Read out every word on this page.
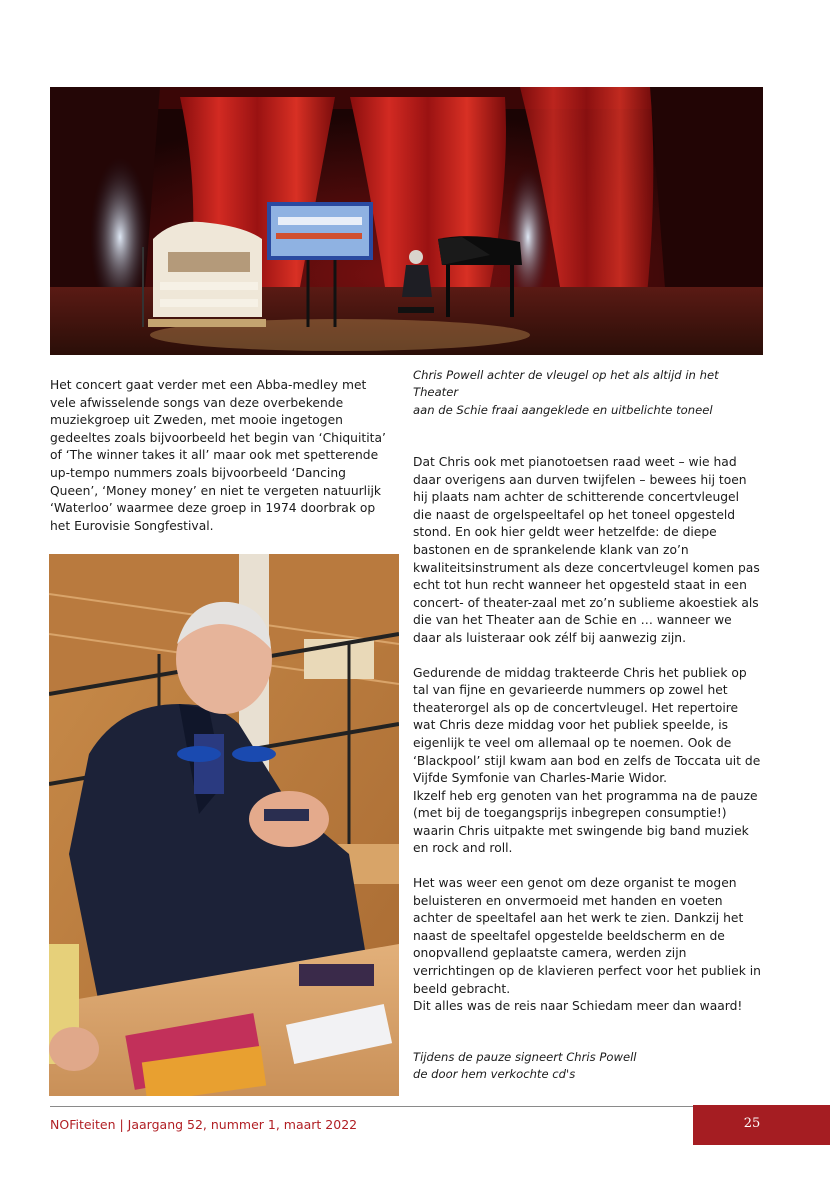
Chris Powell achter de vleugel op het als altijd in het Theater
aan de Schie fraai aangeklede en uitbelichte toneel

Het concert gaat verder met een Abba-medley met vele afwisselende songs van deze overbekende muziekgroep uit Zweden, met mooie ingetogen gedeeltes zoals bijvoorbeeld het begin van ‘Chiquitita’ of ‘The winner takes it all’ maar ook met spetterende up-tempo nummers zoals bijvoorbeeld ‘Dancing Queen’, ‘Money money’ en niet te vergeten natuurlijk ‘Waterloo’ waarmee deze groep in 1974 doorbrak op het Eurovisie Songfestival.

Dat Chris ook met pianotoetsen raad weet – wie had daar overigens aan durven twijfelen – bewees hij toen hij plaats nam achter de schitterende concertvleugel die naast de orgelspeeltafel op het toneel opgesteld stond. En ook hier geldt weer hetzelfde: de diepe bastonen en de sprankelende klank van zo’n kwaliteitsinstrument als deze concertvleugel komen pas echt tot hun recht wanneer het opgesteld staat in een concert- of theater-zaal met zo’n sublieme akoestiek als die van het Theater aan de Schie en … wanneer we daar als luisteraar ook zélf bij aanwezig zijn.

Gedurende de middag trakteerde Chris het publiek op tal van fijne en gevarieerde nummers op zowel het theaterorgel als op de concertvleugel. Het repertoire wat Chris deze middag voor het publiek speelde, is eigenlijk te veel om allemaal op te noemen. Ook de ‘Blackpool’ stijl kwam aan bod en zelfs de Toccata uit de Vijfde Symfonie van Charles-Marie Widor.
Ikzelf heb erg genoten van het programma na de pauze (met bij de toegangsprijs inbegrepen consumptie!) waarin Chris uitpakte met swingende big band muziek en rock and roll.

Het was weer een genot om deze organist te mogen beluisteren en onvermoeid met handen en voeten achter de speeltafel aan het werk te zien. Dankzij het naast de speeltafel opgestelde beeldscherm en de onopvallend geplaatste camera, werden zijn verrichtingen op de klavieren perfect voor het publiek in beeld gebracht.
Dit alles was de reis naar Schiedam meer dan waard!

Tijdens de pauze signeert Chris Powell
de door hem verkochte cd's
NOFiteiten | Jaargang 52, nummer 1, maart 2022	25
